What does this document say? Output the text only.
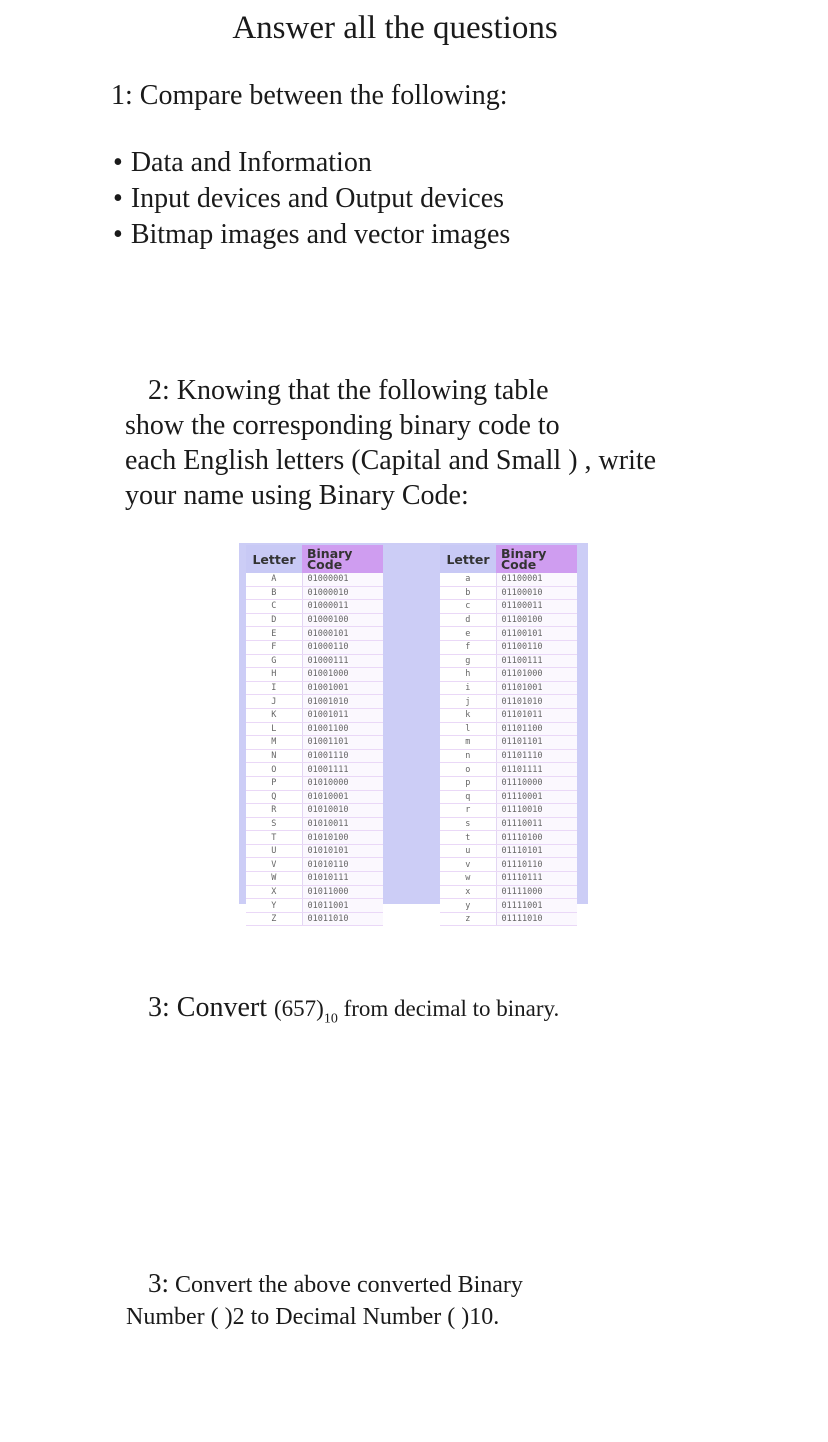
Answer all the questions
1: Compare between the following:
• Data and Information
• Input devices and Output devices
• Bitmap images and vector images
2: Knowing that the following table
show the corresponding binary code to
each English letters (Capital and Small ) , write
your name using Binary Code:
Letter	Binary Code
A	01000001
B	01000010
C	01000011
D	01000100
E	01000101
F	01000110
G	01000111
H	01001000
I	01001001
J	01001010
K	01001011
L	01001100
M	01001101
N	01001110
O	01001111
P	01010000
Q	01010001
R	01010010
S	01010011
T	01010100
U	01010101
V	01010110
W	01010111
X	01011000
Y	01011001
Z	01011010
Letter	Binary Code
a	01100001
b	01100010
c	01100011
d	01100100
e	01100101
f	01100110
g	01100111
h	01101000
i	01101001
j	01101010
k	01101011
l	01101100
m	01101101
n	01101110
o	01101111
p	01110000
q	01110001
r	01110010
s	01110011
t	01110100
u	01110101
v	01110110
w	01110111
x	01111000
y	01111001
z	01111010
3: Convert $(657)_{10}$ from decimal to binary.
3: Convert the above converted Binary
Number ( )2 to Decimal Number ( )10.
